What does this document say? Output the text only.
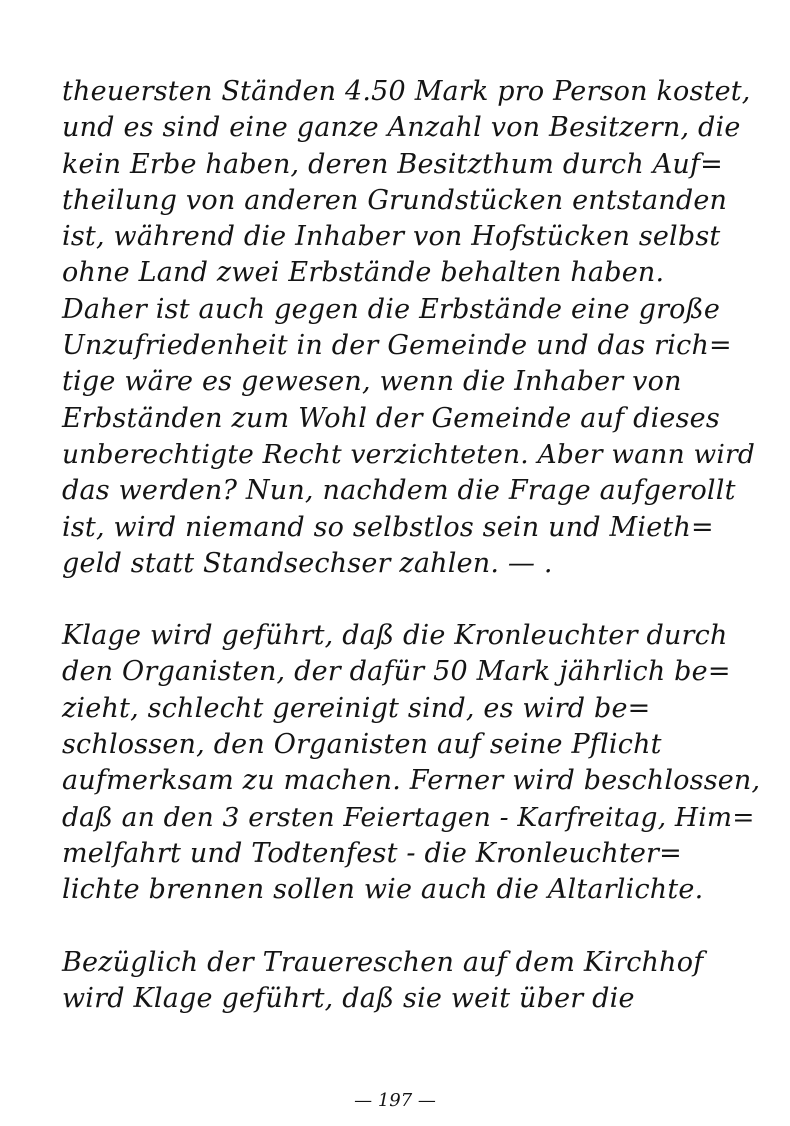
theuersten Ständen 4.50 Mark pro Person kostet,
und es sind eine ganze Anzahl von Besitzern, die
kein Erbe haben, deren Besitzthum durch Auf=
theilung von anderen Grundstücken entstanden
ist, während die Inhaber von Hofstücken selbst
ohne Land zwei Erbstände behalten haben.
Daher ist auch gegen die Erbstände eine große
Unzufriedenheit in der Gemeinde und das rich=
tige wäre es gewesen, wenn die Inhaber von
Erbständen zum Wohl der Gemeinde auf dieses
unberechtigte Recht verzichteten. Aber wann wird
das werden? Nun, nachdem die Frage aufgerollt
ist, wird niemand so selbstlos sein und Mieth=
geld statt Standsechser zahlen. — .
Klage wird geführt, daß die Kronleuchter durch
den Organisten, der dafür 50 Mark jährlich be=
zieht, schlecht gereinigt sind, es wird be=
schlossen, den Organisten auf seine Pflicht
aufmerksam zu machen. Ferner wird beschlossen,
daß an den 3 ersten Feiertagen - Karfreitag, Him=
melfahrt und Todtenfest - die Kronleuchter=
lichte brennen sollen wie auch die Altarlichte.
Bezüglich der Trauereschen auf dem Kirchhof
wird Klage geführt, daß sie weit über die
— 197 —
